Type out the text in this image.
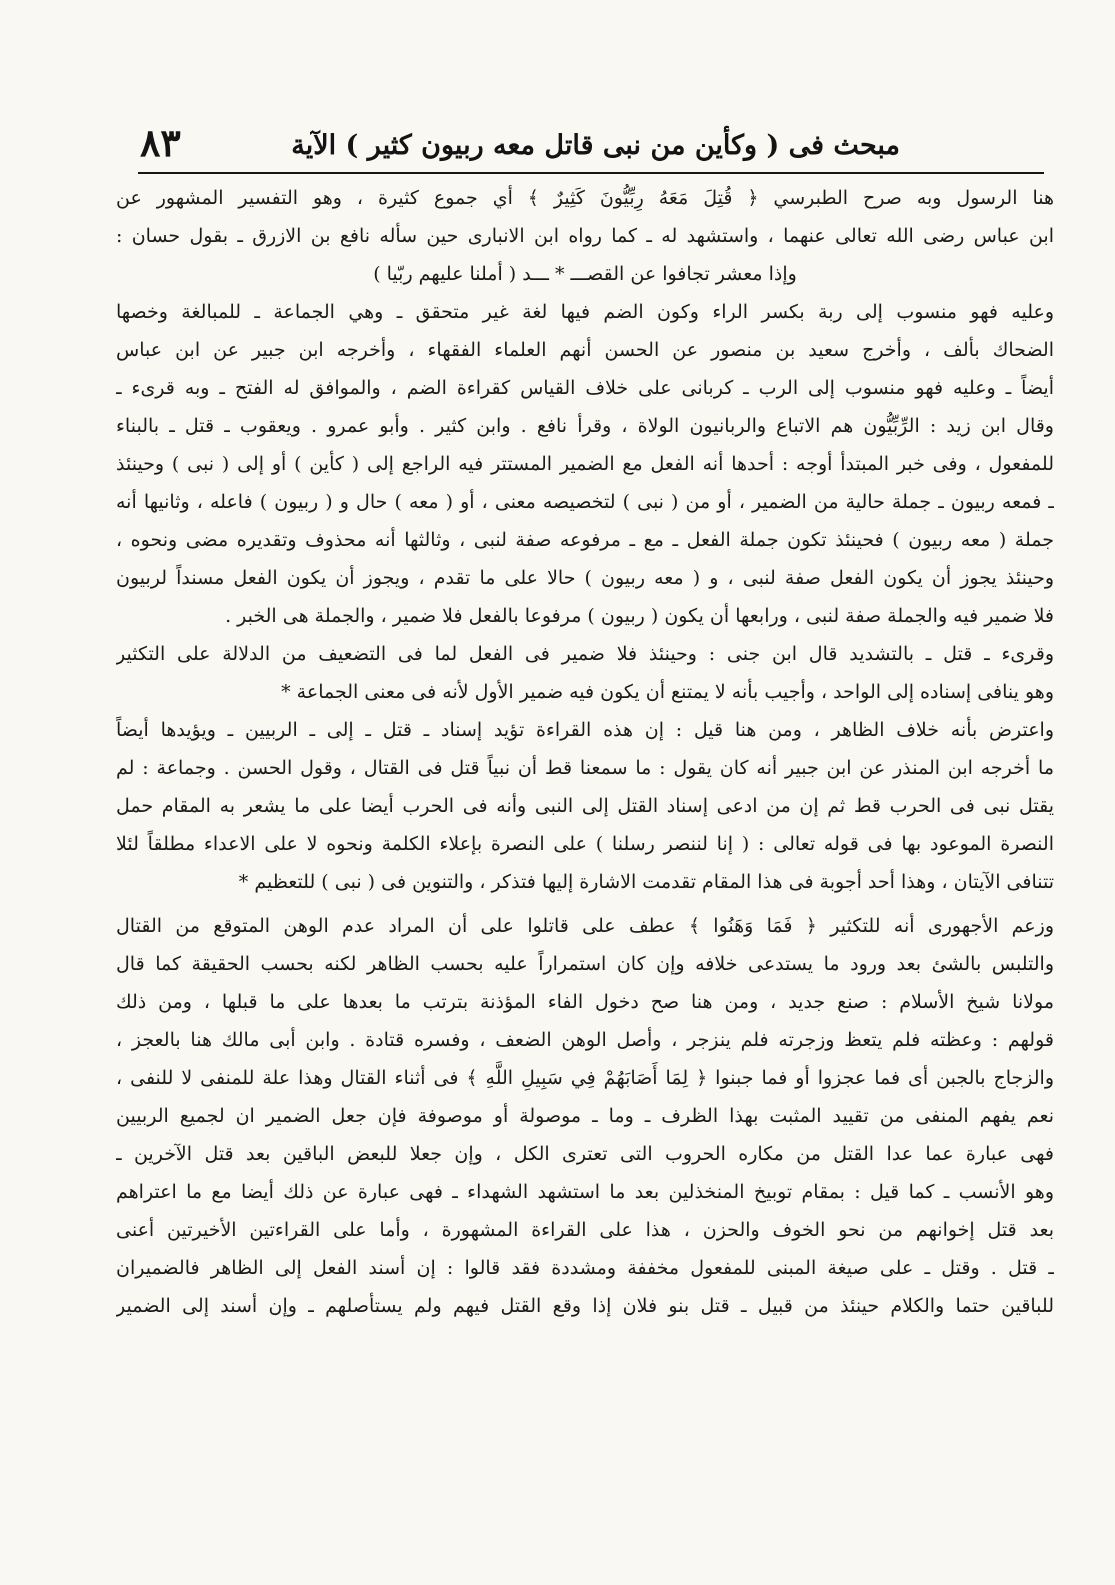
مبحث فى ( وكأين من نبى قاتل معه ربيون كثير ) الآية
٨٣
هنا الرسول وبه صرح الطبرسي ﴿ قُتِلَ مَعَهُ رِبِّيُّونَ كَثِيرٌ ﴾ أي جموع كثيرة ، وهو التفسير المشهور عن
ابن عباس رضى الله تعالى عنهما ، واستشهد له ـ كما رواه ابن الانبارى حين سأله نافع بن الازرق ـ بقول حسان :
وإذا معشر تجافوا عن القصـــ * ـــد ( أملنا عليهم ربّيا )
وعليه فهو منسوب إلى ربة بكسر الراء وكون الضم فيها لغة غير متحقق ـ وهي الجماعة ـ للمبالغة وخصها
الضحاك بألف ، وأخرج سعيد بن منصور عن الحسن أنهم العلماء الفقهاء ، وأخرجه ابن جبير عن ابن عباس
أيضاً ـ وعليه فهو منسوب إلى الرب ـ كربانى على خلاف القياس كقراءة الضم ، والموافق له الفتح ـ وبه قرىء ـ
وقال ابن زيد : الرِّبِّيُّون هم الاتباع والربانيون الولاة ، وقرأ نافع . وابن كثير . وأبو عمرو . ويعقوب ـ قتل ـ بالبناء
للمفعول ، وفى خبر المبتدأ أوجه : أحدها أنه الفعل مع الضمير المستتر فيه الراجع إلى ( كأين ) أو إلى ( نبى ) وحينئذ
ـ فمعه ربيون ـ جملة حالية من الضمير ، أو من ( نبى ) لتخصيصه معنى ، أو ( معه ) حال و ( ربيون ) فاعله ، وثانيها أنه
جملة ( معه ربيون ) فحينئذ تكون جملة الفعل ـ مع ـ مرفوعه صفة لنبى ، وثالثها أنه محذوف وتقديره مضى ونحوه ،
وحينئذ يجوز أن يكون الفعل صفة لنبى ، و ( معه ربيون ) حالا على ما تقدم ، ويجوز أن يكون الفعل مسنداً لربيون
فلا ضمير فيه والجملة صفة لنبى ، ورابعها أن يكون ( ربيون ) مرفوعا بالفعل فلا ضمير ، والجملة هى الخبر .
وقرىء ـ قتل ـ بالتشديد قال ابن جنى : وحينئذ فلا ضمير فى الفعل لما فى التضعيف من الدلالة على التكثير
وهو ينافى إسناده إلى الواحد ، وأجيب بأنه لا يمتنع أن يكون فيه ضمير الأول لأنه فى معنى الجماعة *
واعترض بأنه خلاف الظاهر ، ومن هنا قيل : إن هذه القراءة تؤيد إسناد ـ قتل ـ إلى ـ الربيين ـ ويؤيدها أيضاً
ما أخرجه ابن المنذر عن ابن جبير أنه كان يقول : ما سمعنا قط أن نبياً قتل فى القتال ، وقول الحسن . وجماعة : لم
يقتل نبى فى الحرب قط ثم إن من ادعى إسناد القتل إلى النبى وأنه فى الحرب أيضا على ما يشعر به المقام حمل
النصرة الموعود بها فى قوله تعالى : ( إنا لننصر رسلنا ) على النصرة بإعلاء الكلمة ونحوه لا على الاعداء مطلقاً لئلا
تتنافى الآيتان ، وهذا أحد أجوبة فى هذا المقام تقدمت الاشارة إليها فتذكر ، والتنوين فى ( نبى ) للتعظيم *
وزعم الأجهورى أنه للتكثير ﴿ فَمَا وَهَنُوا ﴾ عطف على قاتلوا على أن المراد عدم الوهن المتوقع من القتال
والتلبس بالشئ بعد ورود ما يستدعى خلافه وإن كان استمراراً عليه بحسب الظاهر لكنه بحسب الحقيقة كما قال
مولانا شيخ الأسلام : صنع جديد ، ومن هنا صح دخول الفاء المؤذنة بترتب ما بعدها على ما قبلها ، ومن ذلك
قولهم : وعظته فلم يتعظ وزجرته فلم ينزجر ، وأصل الوهن الضعف ، وفسره قتادة . وابن أبى مالك هنا بالعجز ،
والزجاج بالجبن أى فما عجزوا أو فما جبنوا ﴿ لِمَا أَصَابَهُمْ فِي سَبِيلِ اللَّهِ ﴾ فى أثناء القتال وهذا علة للمنفى لا للنفى ،
نعم يفهم المنفى من تقييد المثبت بهذا الظرف ـ وما ـ موصولة أو موصوفة فإن جعل الضمير ان لجميع الربيين
فهى عبارة عما عدا القتل من مكاره الحروب التى تعترى الكل ، وإن جعلا للبعض الباقين بعد قتل الآخرين ـ
وهو الأنسب ـ كما قيل : بمقام توبيخ المنخذلين بعد ما استشهد الشهداء ـ فهى عبارة عن ذلك أيضا مع ما اعتراهم
بعد قتل إخوانهم من نحو الخوف والحزن ، هذا على القراءة المشهورة ، وأما على القراءتين الأخيرتين أعنى
ـ قتل . وقتل ـ على صيغة المبنى للمفعول مخففة ومشددة فقد قالوا : إن أسند الفعل إلى الظاهر فالضميران
للباقين حتما والكلام حينئذ من قبيل ـ قتل بنو فلان إذا وقع القتل فيهم ولم يستأصلهم ـ وإن أسند إلى الضمير
